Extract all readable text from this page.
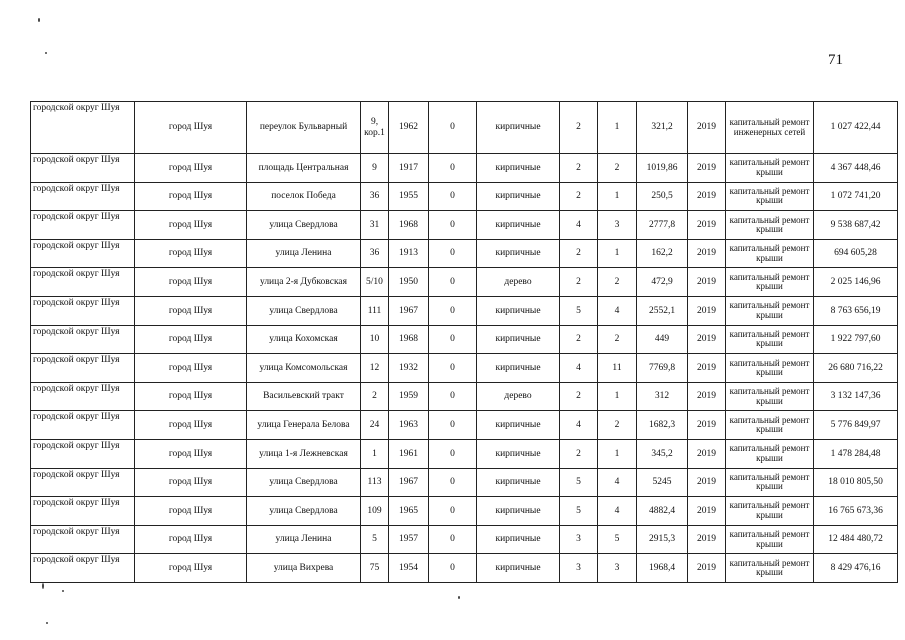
71
городской округ Шуя	город Шуя	переулок Бульварный	9, кор.1	1962	0	кирпичные	2	1	321,2	2019	капитальный ремонт инженерных сетей	1 027 422,44
городской округ Шуя	город Шуя	площадь Центральная	9	1917	0	кирпичные	2	2	1019,86	2019	капитальный ремонт крыши	4 367 448,46
городской округ Шуя	город Шуя	поселок Победа	36	1955	0	кирпичные	2	1	250,5	2019	капитальный ремонт крыши	1 072 741,20
городской округ Шуя	город Шуя	улица Свердлова	31	1968	0	кирпичные	4	3	2777,8	2019	капитальный ремонт крыши	9 538 687,42
городской округ Шуя	город Шуя	улица Ленина	36	1913	0	кирпичные	2	1	162,2	2019	капитальный ремонт крыши	694 605,28
городской округ Шуя	город Шуя	улица 2-я Дубковская	5/10	1950	0	дерево	2	2	472,9	2019	капитальный ремонт крыши	2 025 146,96
городской округ Шуя	город Шуя	улица Свердлова	111	1967	0	кирпичные	5	4	2552,1	2019	капитальный ремонт крыши	8 763 656,19
городской округ Шуя	город Шуя	улица Кохомская	10	1968	0	кирпичные	2	2	449	2019	капитальный ремонт крыши	1 922 797,60
городской округ Шуя	город Шуя	улица Комсомольская	12	1932	0	кирпичные	4	11	7769,8	2019	капитальный ремонт крыши	26 680 716,22
городской округ Шуя	город Шуя	Васильевский тракт	2	1959	0	дерево	2	1	312	2019	капитальный ремонт крыши	3 132 147,36
городской округ Шуя	город Шуя	улица Генерала Белова	24	1963	0	кирпичные	4	2	1682,3	2019	капитальный ремонт крыши	5 776 849,97
городской округ Шуя	город Шуя	улица 1-я Лежневская	1	1961	0	кирпичные	2	1	345,2	2019	капитальный ремонт крыши	1 478 284,48
городской округ Шуя	город Шуя	улица Свердлова	113	1967	0	кирпичные	5	4	5245	2019	капитальный ремонт крыши	18 010 805,50
городской округ Шуя	город Шуя	улица Свердлова	109	1965	0	кирпичные	5	4	4882,4	2019	капитальный ремонт крыши	16 765 673,36
городской округ Шуя	город Шуя	улица Ленина	5	1957	0	кирпичные	3	5	2915,3	2019	капитальный ремонт крыши	12 484 480,72
городской округ Шуя	город Шуя	улица Вихрева	75	1954	0	кирпичные	3	3	1968,4	2019	капитальный ремонт крыши	8 429 476,16
